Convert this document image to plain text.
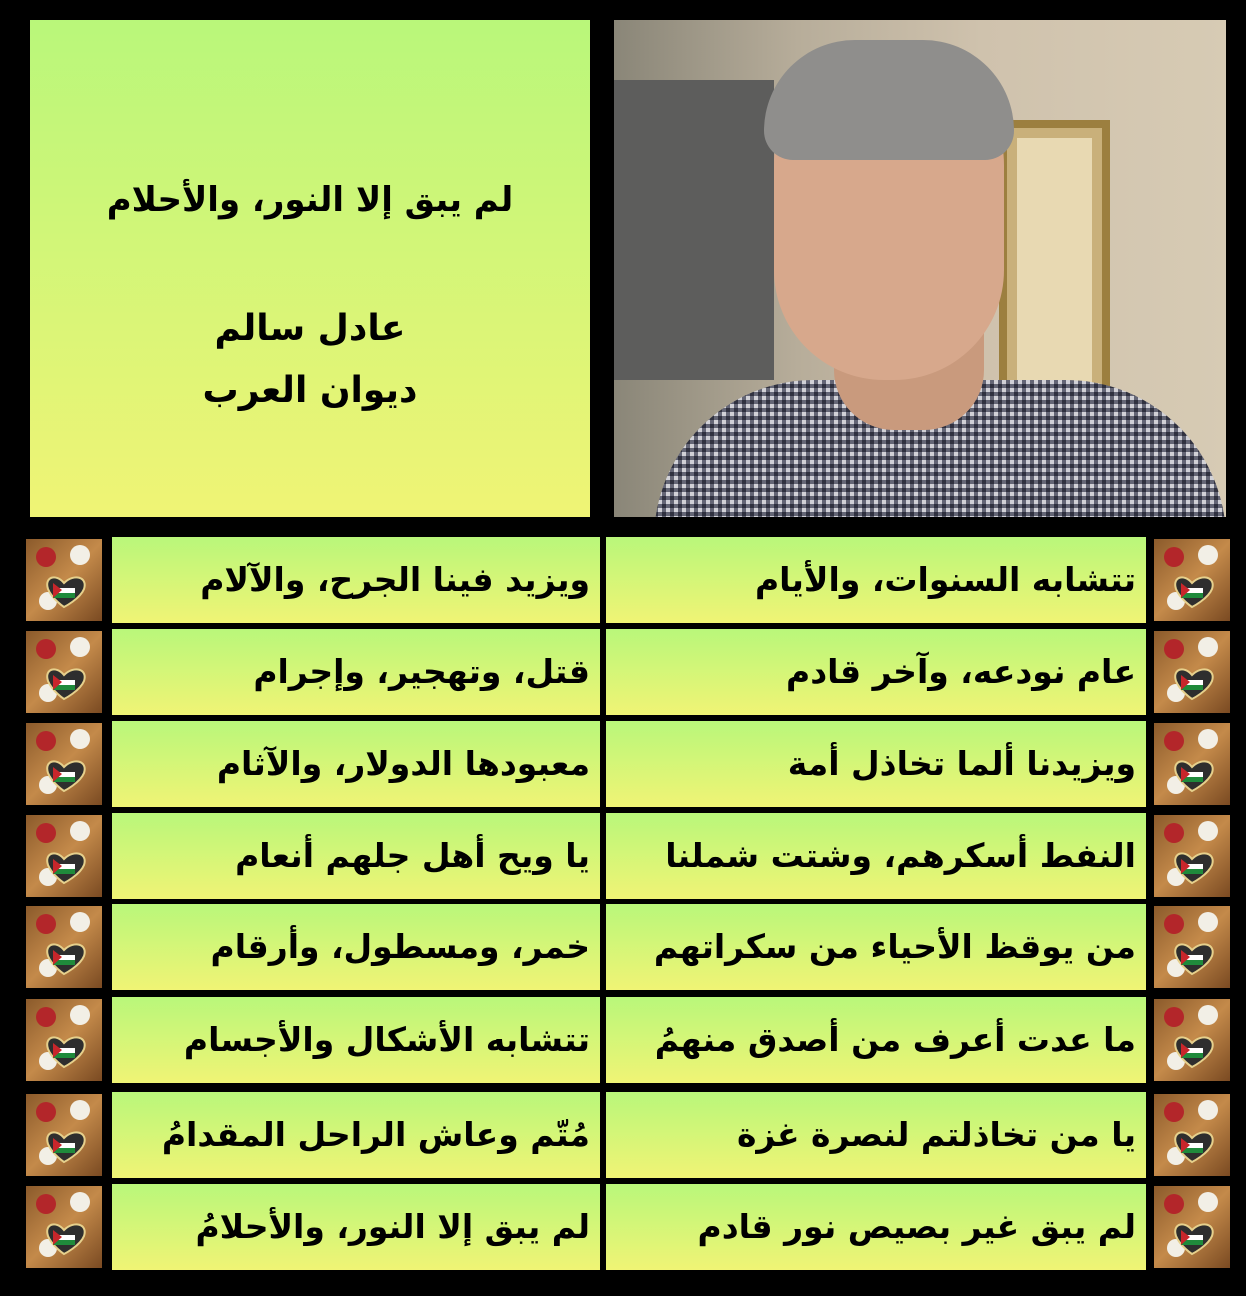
لم يبق إلا النور، والأحلام
عادل سالم
ديوان العرب
ويزيد فينا الجرح، والآلام	تتشابه السنوات، والأيام
قتل، وتهجير، وإجرام	عام نودعه، وآخر قادم
معبودها الدولار، والآثام	ويزيدنا ألما تخاذل أمة
يا ويح أهل جلهم أنعام	النفط أسكرهم، وشتت شملنا
خمر، ومسطول، وأرقام	من يوقظ الأحياء من سكراتهم
تتشابه الأشكال والأجسام	ما عدت أعرف من أصدق منهمُ
مُتّم وعاش الراحل المقدامُ	يا من تخاذلتم لنصرة غزة
لم يبق إلا النور، والأحلامُ	لم يبق غير بصيص نور قادم
